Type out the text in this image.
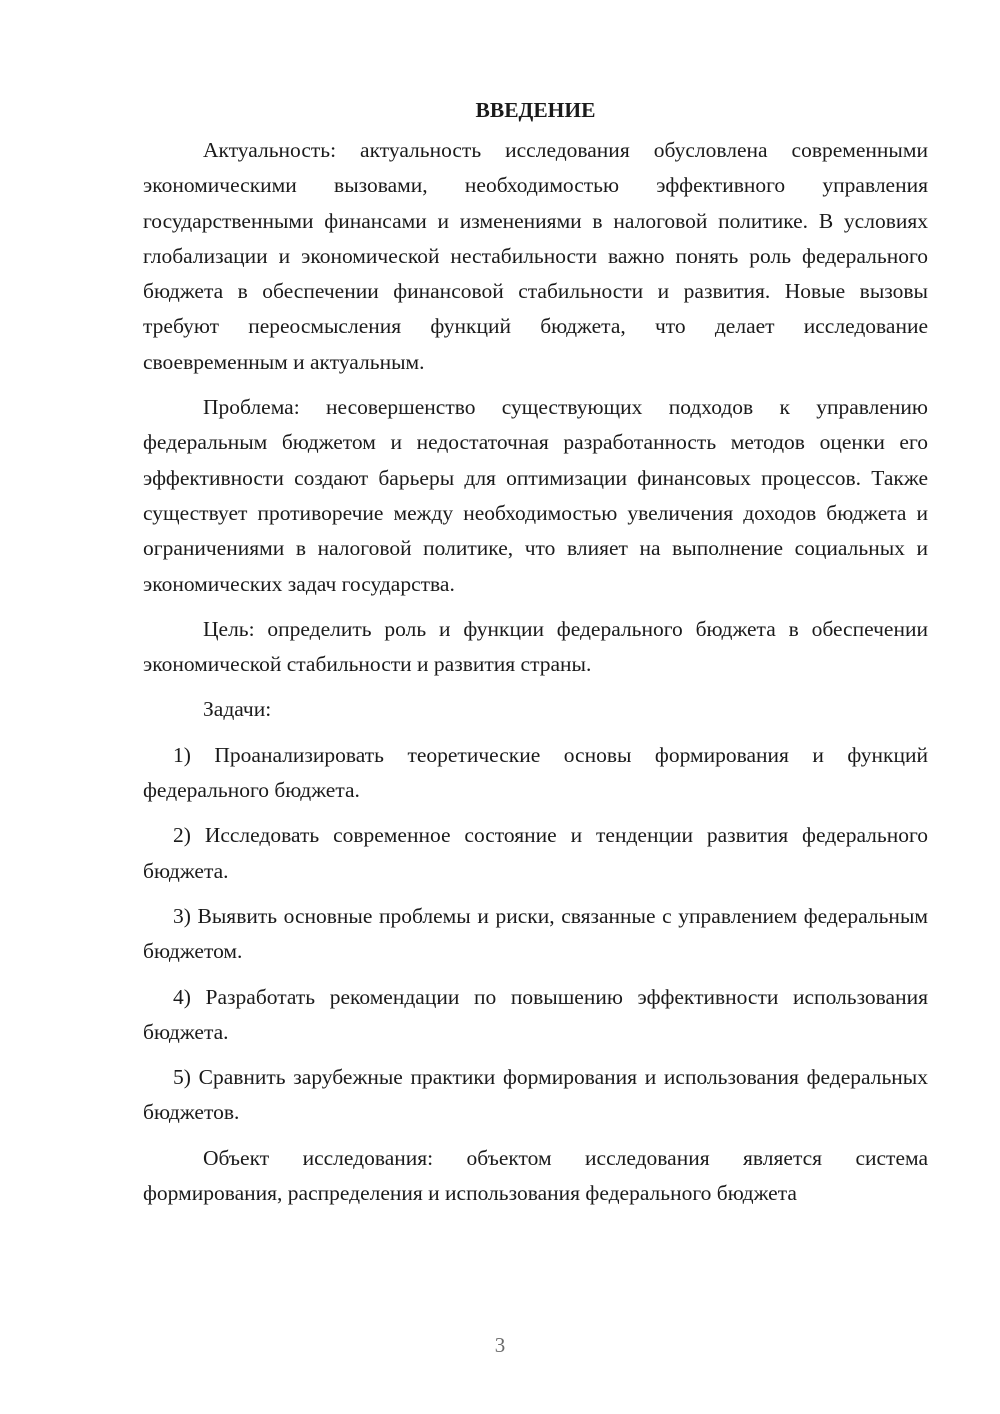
ВВЕДЕНИЕ

Актуальность: актуальность исследования обусловлена современными экономическими вызовами, необходимостью эффективного управления государственными финансами и изменениями в налоговой политике. В условиях глобализации и экономической нестабильности важно понять роль федерального бюджета в обеспечении финансовой стабильности и развития. Новые вызовы требуют переосмысления функций бюджета, что делает исследование своевременным и актуальным.

Проблема: несовершенство существующих подходов к управлению федеральным бюджетом и недостаточная разработанность методов оценки его эффективности создают барьеры для оптимизации финансовых процессов. Также существует противоречие между необходимостью увеличения доходов бюджета и ограничениями в налоговой политике, что влияет на выполнение социальных и экономических задач государства.

Цель: определить роль и функции федерального бюджета в обеспечении экономической стабильности и развития страны.

Задачи:

1) Проанализировать теоретические основы формирования и функций федерального бюджета.

2) Исследовать современное состояние и тенденции развития федерального бюджета.

3) Выявить основные проблемы и риски, связанные с управлением федеральным бюджетом.

4) Разработать рекомендации по повышению эффективности использования бюджета.

5) Сравнить зарубежные практики формирования и использования федеральных бюджетов.

Объект исследования: объектом исследования является система формирования, распределения и использования федерального бюджета

3
